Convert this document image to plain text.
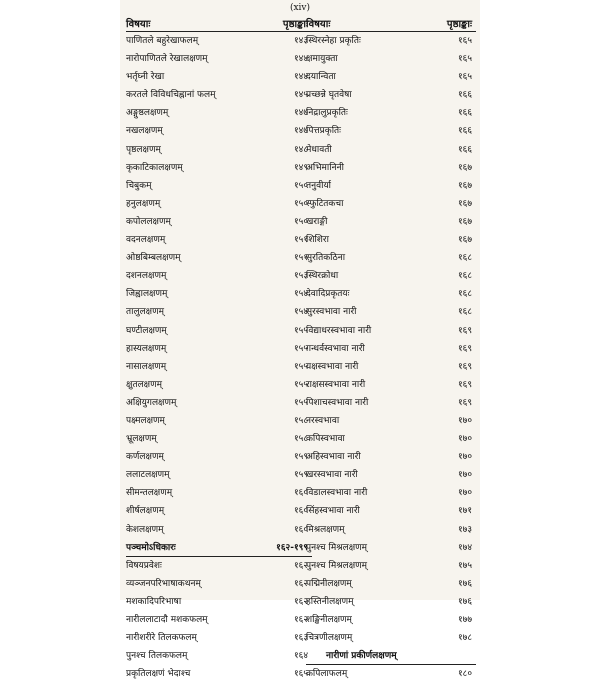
(xiv)
विषयाः	पृष्ठाङ्काः
पाणितले बहुरेखाफलम्	१४३
नारोपाणितले रेखालक्षणम्	१४४
भर्तृघ्नी रेखा	१४४
करतले विविधचिह्नानां फलम्	१४५
अङ्गुष्ठलक्षणम्	१४७
नखलक्षणम्	१४७
पृष्ठलक्षणम्	१४८
कृकाटिकालक्षणम्	१४९
चिबुकम्	१५०
हनुलक्षणम्	१५०
कपोललक्षणम्	१५०
वदनलक्षणम्	१५१
ओष्ठबिम्बलक्षणम्	१५१
दशनलक्षणम्	१५३
जिह्वालक्षणम्	१५४
तालुलक्षणम्	१५४
घण्टीलक्षणम्	१५५
हास्यलक्षणम्	१५५
नासालक्षणम्	१५५
क्षुतलक्षणम्	१५५
अक्षियुगलक्षणम्	१५५
पक्ष्मलक्षणम्	१५८
भ्रूलक्षणम्	१५८
कर्णलक्षणम्	१५९
ललाटलक्षणम्	१५९
सीमन्तलक्षणम्	१६०
शीर्षलक्षणम्	१६०
केशलक्षणम्	१६०
पञ्चमोऽधिकारः	१६२-१९९
विषयप्रवेशः	१६२
व्यञ्जनपरिभाषाकथनम्	१६२
मशकादिपरिभाषा	१६२
नारीललाटादौ मशकफलम्	१६२
नारीशरीरे तिलकफलम्	१६३
पुनश्च तिलकफलम्	१६४
प्रकृतिलक्षणं भेदाश्च	१६५
विषयाः	पृष्ठाङ्काः
स्थिरस्नेहा प्रकृतिः	१६५
क्षमायुक्ता	१६५
दयान्विता	१६५
प्रच्छन्ने घृतवेषा	१६६
निद्रालुप्रकृतिः	१६६
पित्तप्रकृतिः	१६६
मेधावती	१६६
अभिमानिनी	१६७
तनुवीर्या	१६७
स्फुटितकचा	१६७
खराङ्गी	१६७
शिशिरा	१६७
सुरतिकठिना	१६८
स्थिरक्रोधा	१६८
देवादिप्रकृतयः	१६८
सुरस्वभावा नारी	१६८
विद्याधरस्वभावा नारी	१६९
गन्धर्वस्वभावा नारी	१६९
यक्षस्वभावा नारी	१६९
राक्षसस्वभावा नारी	१६९
पिशाचस्वभावा नारी	१६९
नरस्वभावा	१७०
कपिस्वभावा	१७०
अहिस्वभावा नारी	१७०
खरस्वभावा नारी	१७०
विडालस्वभावा नारी	१७०
सिंहस्वभावा नारी	१७१
मिश्रलक्षणम्	१७३
पुनश्च मिश्रलक्षणम्	१७४
पुनश्च मिश्रलक्षणम्	१७५
पद्मिनीलक्षणम्	१७६
हस्तिनीलक्षणम्	१७६
शङ्खिनीलक्षणम्	१७७
चित्रणीलक्षणम्	१७८
नारीणां प्रकीर्णलक्षणम्
कपिलाफलम्	१८०
